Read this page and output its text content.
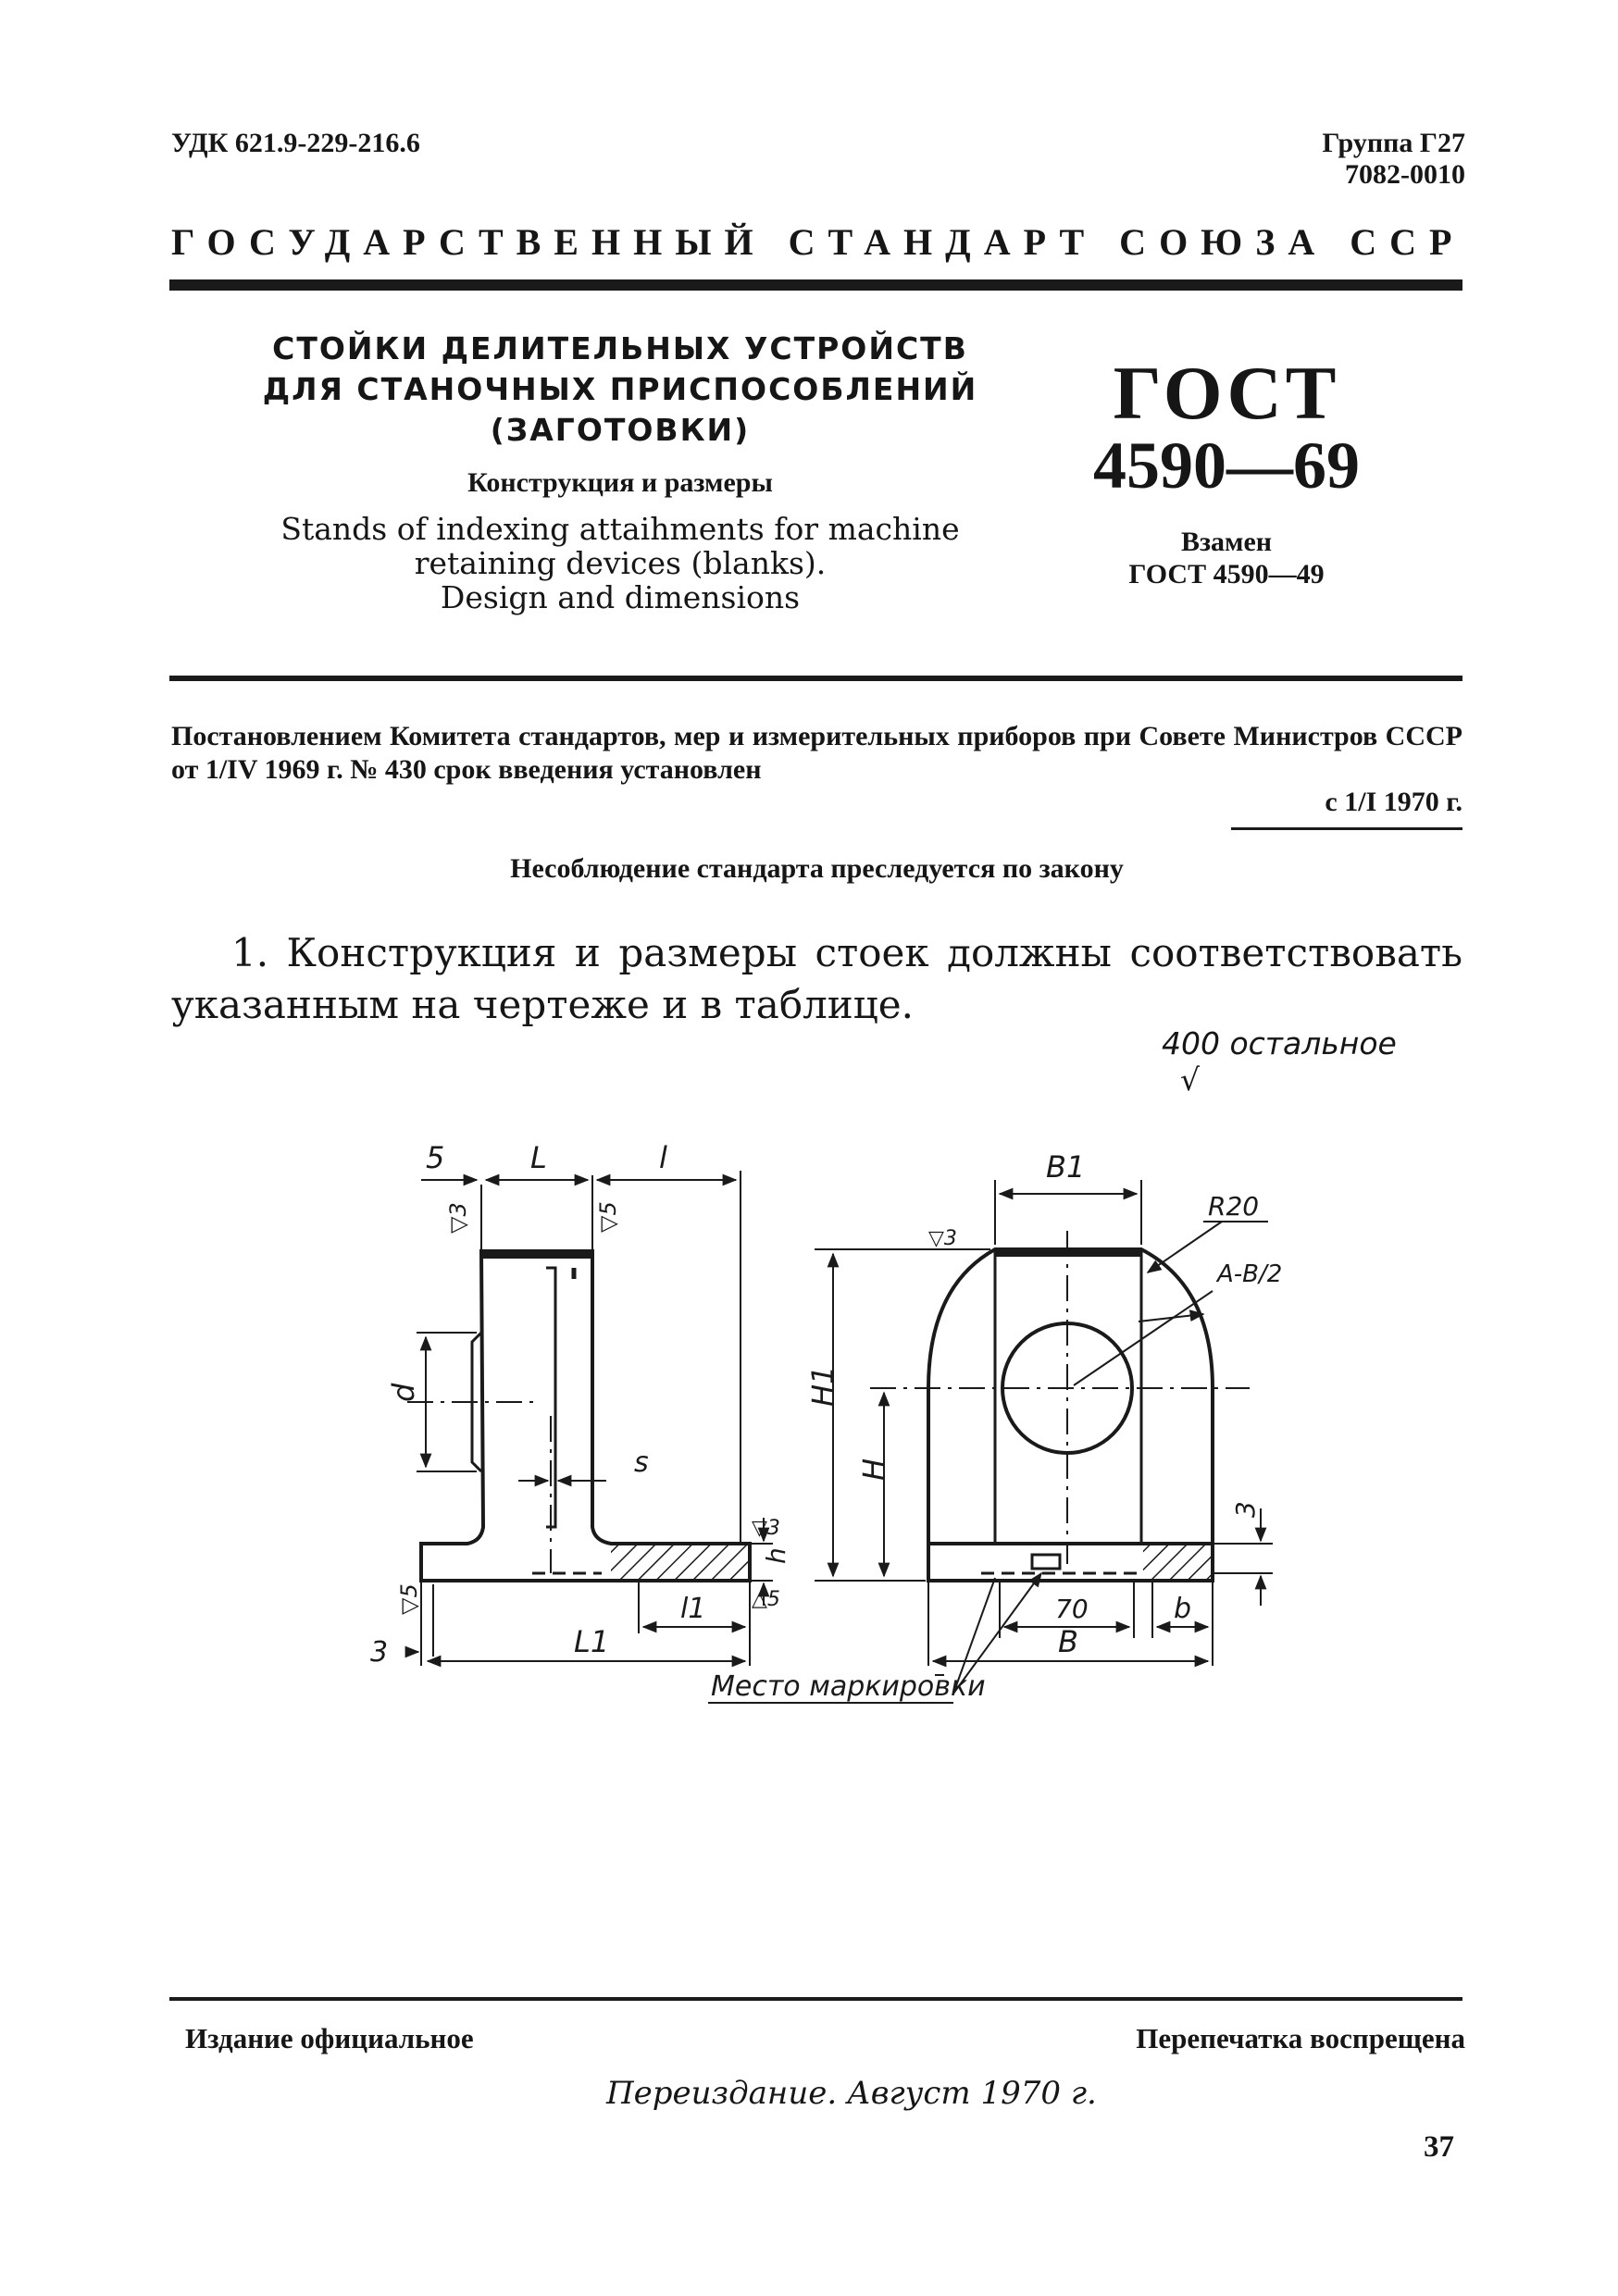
УДК 621.9-229-216.6	Группа Г27
7082-0010
ГОСУДАРСТВЕННЫЙ СТАНДАРТ СОЮЗА ССР
СТОЙКИ ДЕЛИТЕЛЬНЫХ УСТРОЙСТВ
ДЛЯ СТАНОЧНЫХ ПРИСПОСОБЛЕНИЙ
(ЗАГОТОВКИ)
Конструкция и размеры
Stands of indexing attaihments for machine
retaining devices (blanks).
Design and dimensions
ГОСТ
4590—69
Взамен
ГОСТ 4590—49
Постановлением Комитета стандартов, мер и измерительных приборов при Совете Министров СССР от 1/IV 1969 г. № 430 срок введения установлен
с 1/I 1970 г.
Несоблюдение стандарта преследуется по закону

1. Конструкция и размеры стоек должны соответствовать указанным на чертеже и в таблице.

400 остальное
√
5	L	l
▽3	▽5
d
s
▽3
h
△5
l1
L1
3
▽5
B1
R20
A-B/2
▽3
H1
H
3
70	b
B
Место маркировки
Издание официальное	Перепечатка воспрещена
Переиздание. Август 1970 г.
37
